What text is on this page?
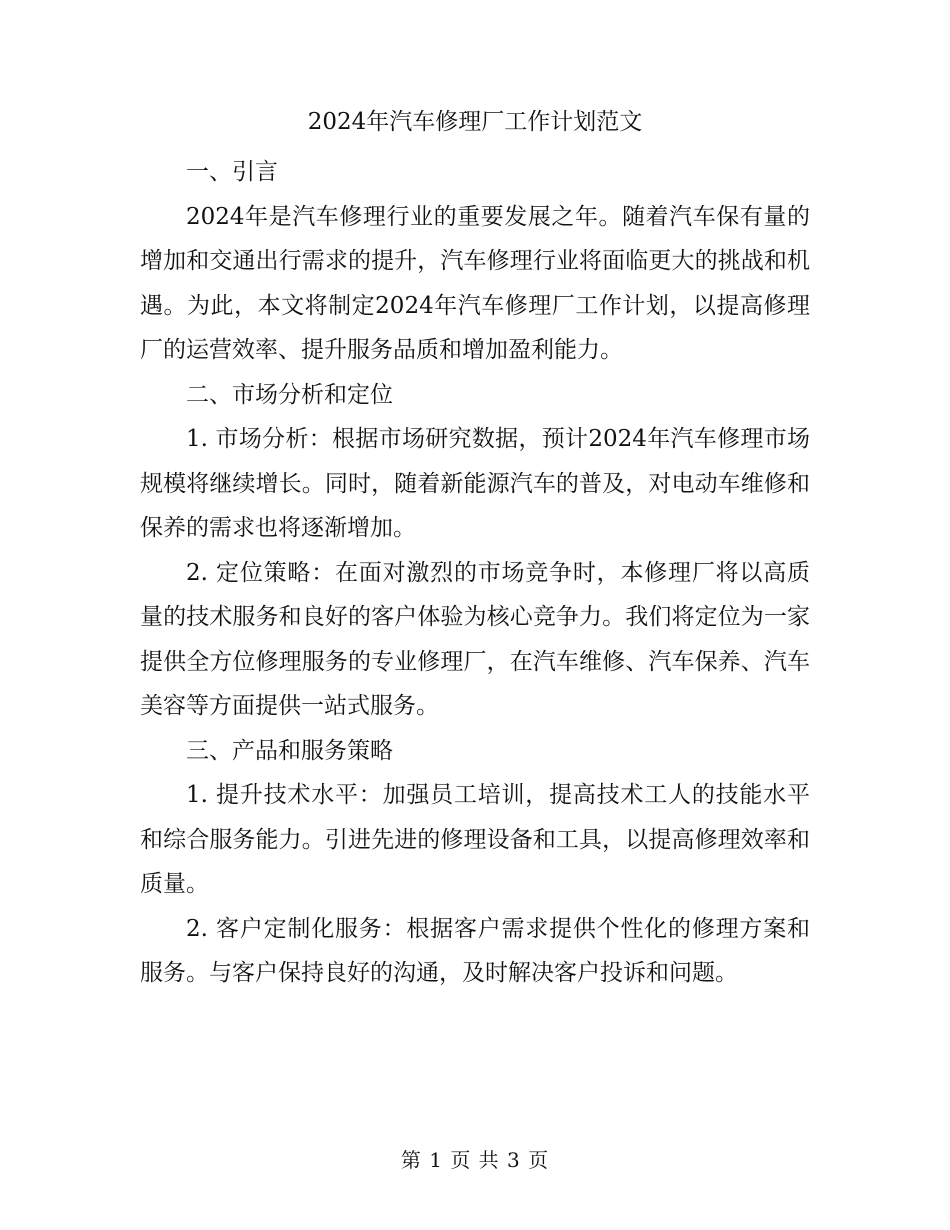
2024年汽车修理厂工作计划范文

一、引言

2024年是汽车修理行业的重要发展之年。随着汽车保有量的增加和交通出行需求的提升，汽车修理行业将面临更大的挑战和机遇。为此，本文将制定2024年汽车修理厂工作计划，以提高修理厂的运营效率、提升服务品质和增加盈利能力。

二、市场分析和定位

1. 市场分析：根据市场研究数据，预计2024年汽车修理市场规模将继续增长。同时，随着新能源汽车的普及，对电动车维修和保养的需求也将逐渐增加。

2. 定位策略：在面对激烈的市场竞争时，本修理厂将以高质量的技术服务和良好的客户体验为核心竞争力。我们将定位为一家提供全方位修理服务的专业修理厂，在汽车维修、汽车保养、汽车美容等方面提供一站式服务。

三、产品和服务策略

1. 提升技术水平：加强员工培训，提高技术工人的技能水平和综合服务能力。引进先进的修理设备和工具，以提高修理效率和质量。

2. 客户定制化服务：根据客户需求提供个性化的修理方案和服务。与客户保持良好的沟通，及时解决客户投诉和问题。

第 1 页 共 3 页
